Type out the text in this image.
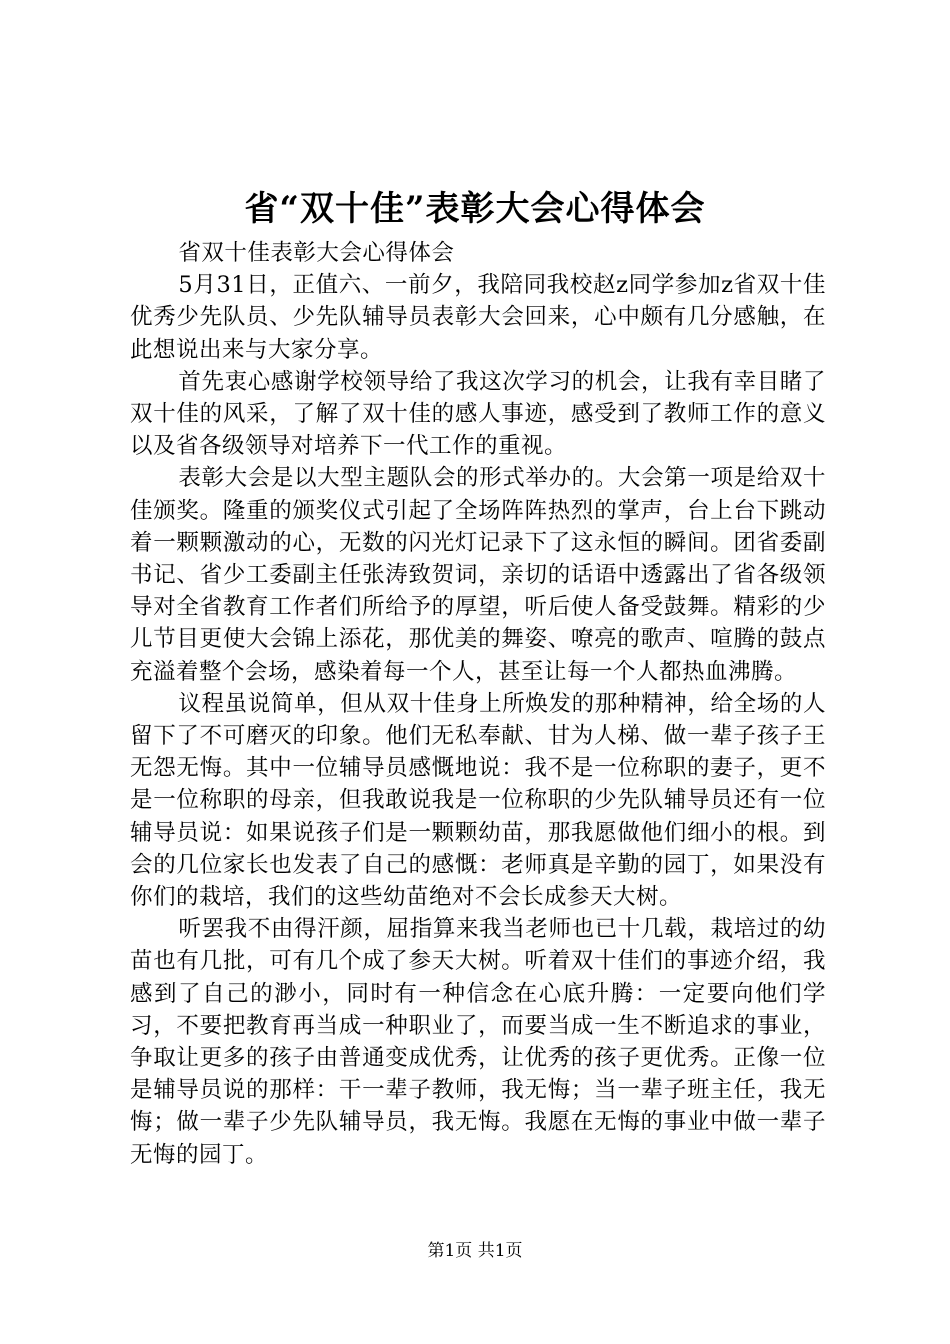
省“双十佳”表彰大会心得体会

省双十佳表彰大会心得体会

5月31日，正值六、一前夕，我陪同我校赵z同学参加z省双十佳优秀少先队员、少先队辅导员表彰大会回来，心中颇有几分感触，在此想说出来与大家分享。

首先衷心感谢学校领导给了我这次学习的机会，让我有幸目睹了双十佳的风采，了解了双十佳的感人事迹，感受到了教师工作的意义以及省各级领导对培养下一代工作的重视。

表彰大会是以大型主题队会的形式举办的。大会第一项是给双十佳颁奖。隆重的颁奖仪式引起了全场阵阵热烈的掌声，台上台下跳动着一颗颗激动的心，无数的闪光灯记录下了这永恒的瞬间。团省委副书记、省少工委副主任张涛致贺词，亲切的话语中透露出了省各级领导对全省教育工作者们所给予的厚望，听后使人备受鼓舞。精彩的少儿节目更使大会锦上添花，那优美的舞姿、嘹亮的歌声、喧腾的鼓点充溢着整个会场，感染着每一个人，甚至让每一个人都热血沸腾。

议程虽说简单，但从双十佳身上所焕发的那种精神，给全场的人留下了不可磨灭的印象。他们无私奉献、甘为人梯、做一辈子孩子王无怨无悔。其中一位辅导员感慨地说：我不是一位称职的妻子，更不是一位称职的母亲，但我敢说我是一位称职的少先队辅导员还有一位辅导员说：如果说孩子们是一颗颗幼苗，那我愿做他们细小的根。到会的几位家长也发表了自己的感慨：老师真是辛勤的园丁，如果没有你们的栽培，我们的这些幼苗绝对不会长成参天大树。

听罢我不由得汗颜，屈指算来我当老师也已十几载，栽培过的幼苗也有几批，可有几个成了参天大树。听着双十佳们的事迹介绍，我感到了自己的渺小，同时有一种信念在心底升腾：一定要向他们学习，不要把教育再当成一种职业了，而要当成一生不断追求的事业，争取让更多的孩子由普通变成优秀，让优秀的孩子更优秀。正像一位是辅导员说的那样：干一辈子教师，我无悔；当一辈子班主任，我无悔；做一辈子少先队辅导员，我无悔。我愿在无悔的事业中做一辈子无悔的园丁。

第1页 共1页
